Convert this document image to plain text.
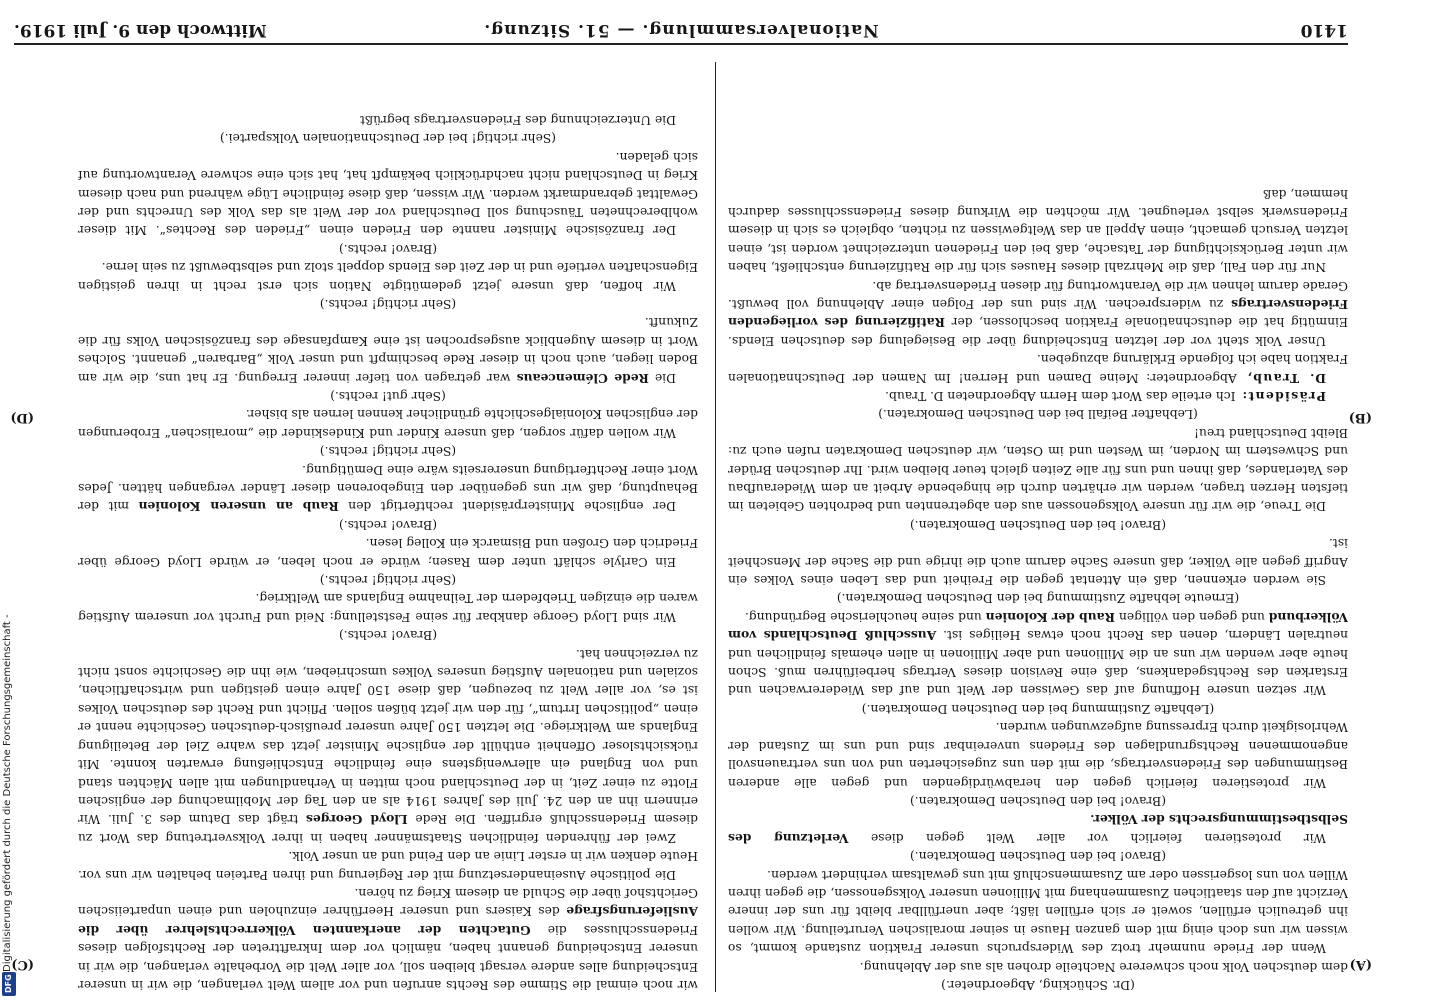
1410
Nationalversammlung. — 51. Sitzung.
Mittwoch den 9. Juli 1919.
(A)
(B)
(C)
(D)

(Dr. Schücking, Abgeordneter.)

dem deutschen Volk noch schwerere Nachteile drohen als aus der Ablehnung.

Wenn der Friede nunmehr trotz des Widerspruchs unserer Fraktion zustande kommt, so wissen wir uns doch einig mit dem ganzen Hause in seiner moralischen Verurteilung. Wir wollen ihn getreulich erfüllen, soweit er sich erfüllen läßt; aber unerfüllbar bleibt für uns der innere Verzicht auf den staatlichen Zusammenhang mit Millionen unserer Volksgenossen, die gegen ihren Willen von uns losgerissen oder am Zusammenschluß mit uns gewaltsam verhindert werden.

(Bravo! bei den Deutschen Demokraten.)

Wir protestieren feierlich vor aller Welt gegen diese Verletzung des Selbstbestimmungsrechts der Völker.

(Bravo! bei den Deutschen Demokraten.)

Wir protestieren feierlich gegen den herabwürdigenden und gegen alle anderen Bestimmungen des Friedensvertrags, die mit den uns zugesicherten und von uns vertrauensvoll angenommenen Rechtsgrundlagen des Friedens unvereinbar sind und uns im Zustand der Wehrlosigkeit durch Erpressung aufgezwungen wurden.

(Lebhafte Zustimmung bei den Deutschen Demokraten.)

Wir setzen unsere Hoffnung auf das Gewissen der Welt und auf das Wiedererwachen und Erstarken des Rechtsgedankens, daß eine Revision dieses Vertrags herbeiführen muß. Schon heute aber wenden wir uns an die Millionen und aber Millionen in allen ehemals feindlichen und neutralen Ländern, denen das Recht noch etwas Heiliges ist. Ausschluß Deutschlands vom Völkerbund und gegen den völligen Raub der Kolonien und seine heuchlerische Begründung.

(Erneute lebhafte Zustimmung bei den Deutschen Demokraten.)

Sie werden erkennen, daß ein Attentat gegen die Freiheit und das Leben eines Volkes ein Angriff gegen alle Völker, daß unsere Sache darum auch die ihrige und die Sache der Menschheit ist.

(Bravo! bei den Deutschen Demokraten.)

Die Treue, die wir für unsere Volksgenossen aus den abgetrennten und bedrohten Gebieten im tiefsten Herzen tragen, werden wir erhärten durch die hingebende Arbeit an dem Wiederaufbau des Vaterlandes, daß ihnen und uns für alle Zeiten gleich teuer bleiben wird. Ihr deutschen Brüder und Schwestern im Norden, im Westen und im Osten, wir deutschen Demokraten rufen euch zu: Bleibt Deutschland treu!

(Lebhafter Beifall bei den Deutschen Demokraten.)

Präsident: Ich erteile das Wort dem Herrn Abgeordneten D. Traub.

D. Traub, Abgeordneter: Meine Damen und Herren! Im Namen der Deutschnationalen Fraktion habe ich folgende Erklärung abzugeben.

Unser Volk steht vor der letzten Entscheidung über die Besiegelung des deutschen Elends. Einmütig hat die deutschnationale Fraktion beschlossen, der Ratifizierung des vorliegenden Friedensvertrags zu widersprechen. Wir sind uns der Folgen einer Ablehnung voll bewußt. Gerade darum lehnen wir die Verantwortung für diesen Friedensvertrag ab.

Nur für den Fall, daß die Mehrzahl dieses Hauses sich für die Ratifizierung entschließt, haben wir unter Berücksichtigung der Tatsache, daß bei den Friedenen unterzeichnet worden ist, einen letzten Versuch gemacht, einen Appell an das Weltgewissen zu richten, obgleich es sich in diesem Friedenswerk selbst verleugnet. Wir möchten die Wirkung dieses Friedensschlusses dadurch hemmen, daß

wir noch einmal die Stimme des Rechts anrufen und vor allem Welt verlangen, die wir in unserer Entscheidung alles andere versagt bleiben soll, vor aller Welt die Vorbehalte verlangen, die wir in unserer Entscheidung genannt haben, nämlich vor dem Inkrafttreten der Rechtsfolgen dieses Friedensschlusses die Gutachten der anerkannten Völkerrechtslehrer über die Auslieferungsfrage des Kaisers und unserer Heerführer einzuholen und einen unparteiischen Gerichtshof über die Schuld an diesem Krieg zu hören.

Die politische Auseinandersetzung mit der Regierung und ihren Parteien behalten wir uns vor. Heute denken wir in erster Linie an den Feind und an unser Volk.

Zwei der führenden feindlichen Staatsmänner haben in ihrer Volksvertretung das Wort zu diesem Friedensschluß ergriffen. Die Rede Lloyd Georges trägt das Datum des 3. Juli. Wir erinnern ihn an den 24. Juli des Jahres 1914 als an den Tag der Mobilmachung der englischen Flotte zu einer Zeit, in der Deutschland noch mitten in Verhandlungen mit allen Mächten stand und von England ein allerwenigstens eine feindliche Entschließung erwarten konnte. Mit rücksichtsloser Offenheit enthüllt der englische Minister jetzt das wahre Ziel der Beteiligung Englands am Weltkriege. Die letzten 150 Jahre unserer preußisch-deutschen Geschichte nennt er einen „politischen Irrtum“, für den wir jetzt büßen sollen. Pflicht und Recht des deutschen Volkes ist es, vor aller Welt zu bezeugen, daß diese 150 Jahre einen geistigen und wirtschaftlichen, sozialen und nationalen Aufstieg unseres Volkes umschrieben, wie ihn die Geschichte sonst nicht zu verzeichnen hat.

(Bravo! rechts.)

Wir sind Lloyd George dankbar für seine Feststellung: Neid und Furcht vor unserem Aufstieg waren die einzigen Triebfedern der Teilnahme Englands am Weltkrieg.

(Sehr richtig! rechts.)

Ein Carlyle schläft unter dem Rasen; würde er noch leben, er würde Lloyd George über Friedrich den Großen und Bismarck ein Kolleg lesen.

(Bravo! rechts.)

Der englische Ministerpräsident rechtfertigt den Raub an unseren Kolonien mit der Behauptung, daß wir uns gegenüber den Eingeborenen dieser Länder vergangen hätten. Jedes Wort einer Rechtfertigung unsererseits wäre eine Demütigung.

(Sehr richtig! rechts.)

Wir wollen dafür sorgen, daß unsere Kinder und Kindeskinder die „moralischen“ Eroberungen der englischen Kolonialgeschichte gründlicher kennen lernen als bisher.

(Sehr gut! rechts.)

Die Rede Clémenceaus war getragen von tiefer innerer Erregung. Er hat uns, die wir am Boden liegen, auch noch in dieser Rede beschimpft und unser Volk „Barbaren“ genannt. Solches Wort in diesem Augenblick ausgesprochen ist eine Kampfansage des französischen Volks für die Zukunft.

(Sehr richtig! rechts.)

Wir hoffen, daß unsere jetzt gedemütigte Nation sich erst recht in ihren geistigen Eigenschaften vertiefe und in der Zeit des Elends doppelt stolz und selbstbewußt zu sein lerne.

(Bravo! rechts.)

Der französische Minister nannte den Frieden einen „Frieden des Rechtes“. Mit dieser wohlberechneten Täuschung soll Deutschland vor der Welt als das Volk des Unrechts und der Gewalttat gebrandmarkt werden. Wir wissen, daß diese feindliche Lüge während und nach diesem Krieg in Deutschland nicht nachdrücklich bekämpft hat, hat sich eine schwere Verantwortung auf sich geladen.

(Sehr richtig! bei der Deutschnationalen Volkspartei.)

Die Unterzeichnung des Friedensvertrags begrüßt

Digitalisierung gefördert durch die Deutsche Forschungsgemeinschaft -
DFG
